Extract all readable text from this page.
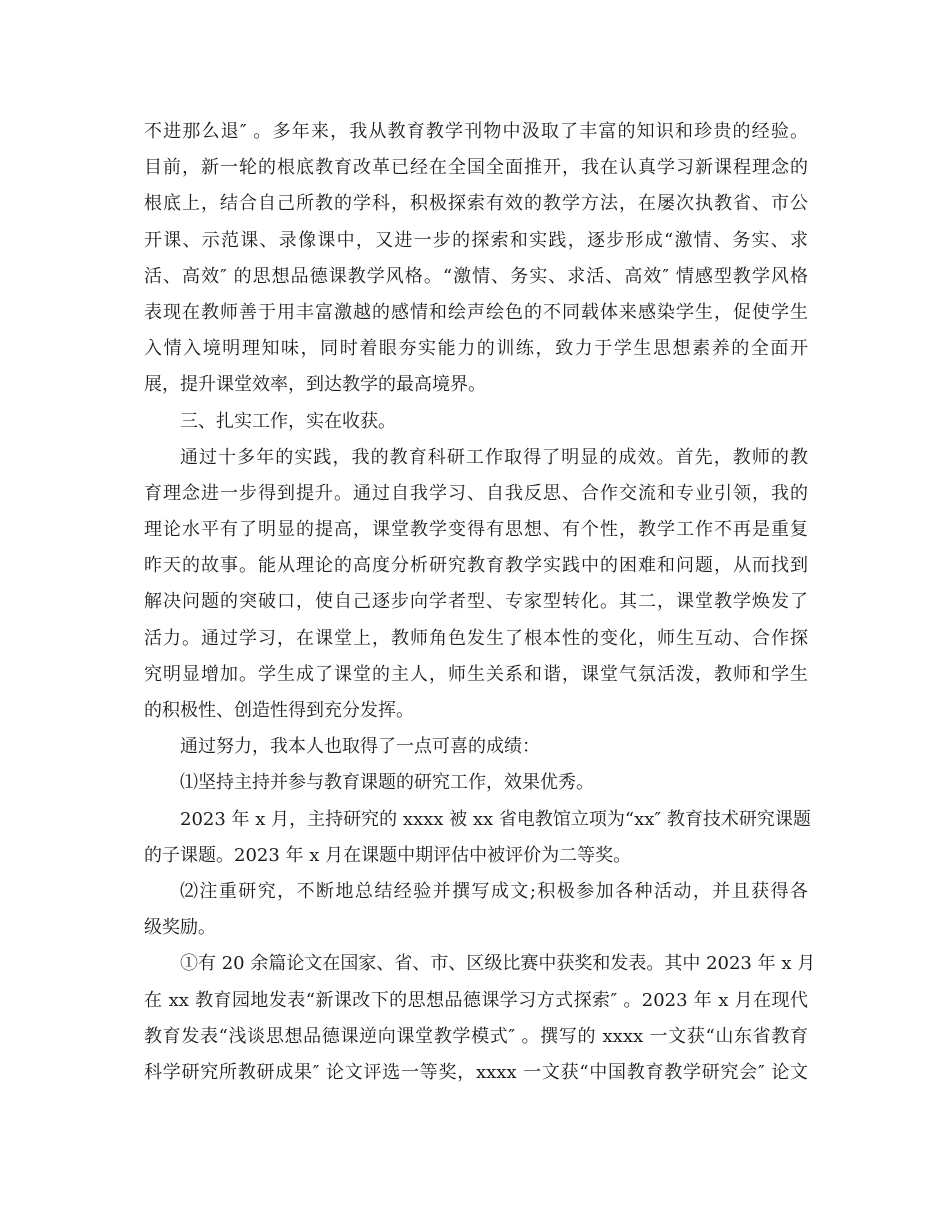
不进那么退″ 。多年来，我从教育教学刊物中汲取了丰富的知识和珍贵的经验。
目前，新一轮的根底教育改革已经在全国全面推开，我在认真学习新课程理念的
根底上，结合自己所教的学科，积极探索有效的教学方法，在屡次执教省、市公
开课、示范课、录像课中，又进一步的探索和实践，逐步形成“激情、务实、求
活、高效″ 的思想品德课教学风格。“激情、务实、求活、高效″ 情感型教学风格
表现在教师善于用丰富激越的感情和绘声绘色的不同载体来感染学生，促使学生
入情入境明理知味，同时着眼夯实能力的训练，致力于学生思想素养的全面开
展，提升课堂效率，到达教学的最高境界。
三、扎实工作，实在收获。
通过十多年的实践，我的教育科研工作取得了明显的成效。首先，教师的教
育理念进一步得到提升。通过自我学习、自我反思、合作交流和专业引领，我的
理论水平有了明显的提高，课堂教学变得有思想、有个性，教学工作不再是重复
昨天的故事。能从理论的高度分析研究教育教学实践中的困难和问题，从而找到
解决问题的突破口，使自己逐步向学者型、专家型转化。其二，课堂教学焕发了
活力。通过学习，在课堂上，教师角色发生了根本性的变化，师生互动、合作探
究明显增加。学生成了课堂的主人，师生关系和谐，课堂气氛活泼，教师和学生
的积极性、创造性得到充分发挥。
通过努力，我本人也取得了一点可喜的成绩：
⑴坚持主持并参与教育课题的研究工作，效果优秀。
2023 年 x 月，主持研究的 xxxx 被 xx 省电教馆立项为“xx″ 教育技术研究课题
的子课题。2023 年 x 月在课题中期评估中被评价为二等奖。
⑵注重研究，不断地总结经验并撰写成文;积极参加各种活动，并且获得各
级奖励。
①有 20 余篇论文在国家、省、市、区级比赛中获奖和发表。其中 2023 年 x 月
在 xx 教育园地发表“新课改下的思想品德课学习方式探索″ 。2023 年 x 月在现代
教育发表“浅谈思想品德课逆向课堂教学模式″ 。撰写的 xxxx 一文获“山东省教育
科学研究所教研成果″ 论文评选一等奖，xxxx 一文获“中国教育教学研究会″ 论文
